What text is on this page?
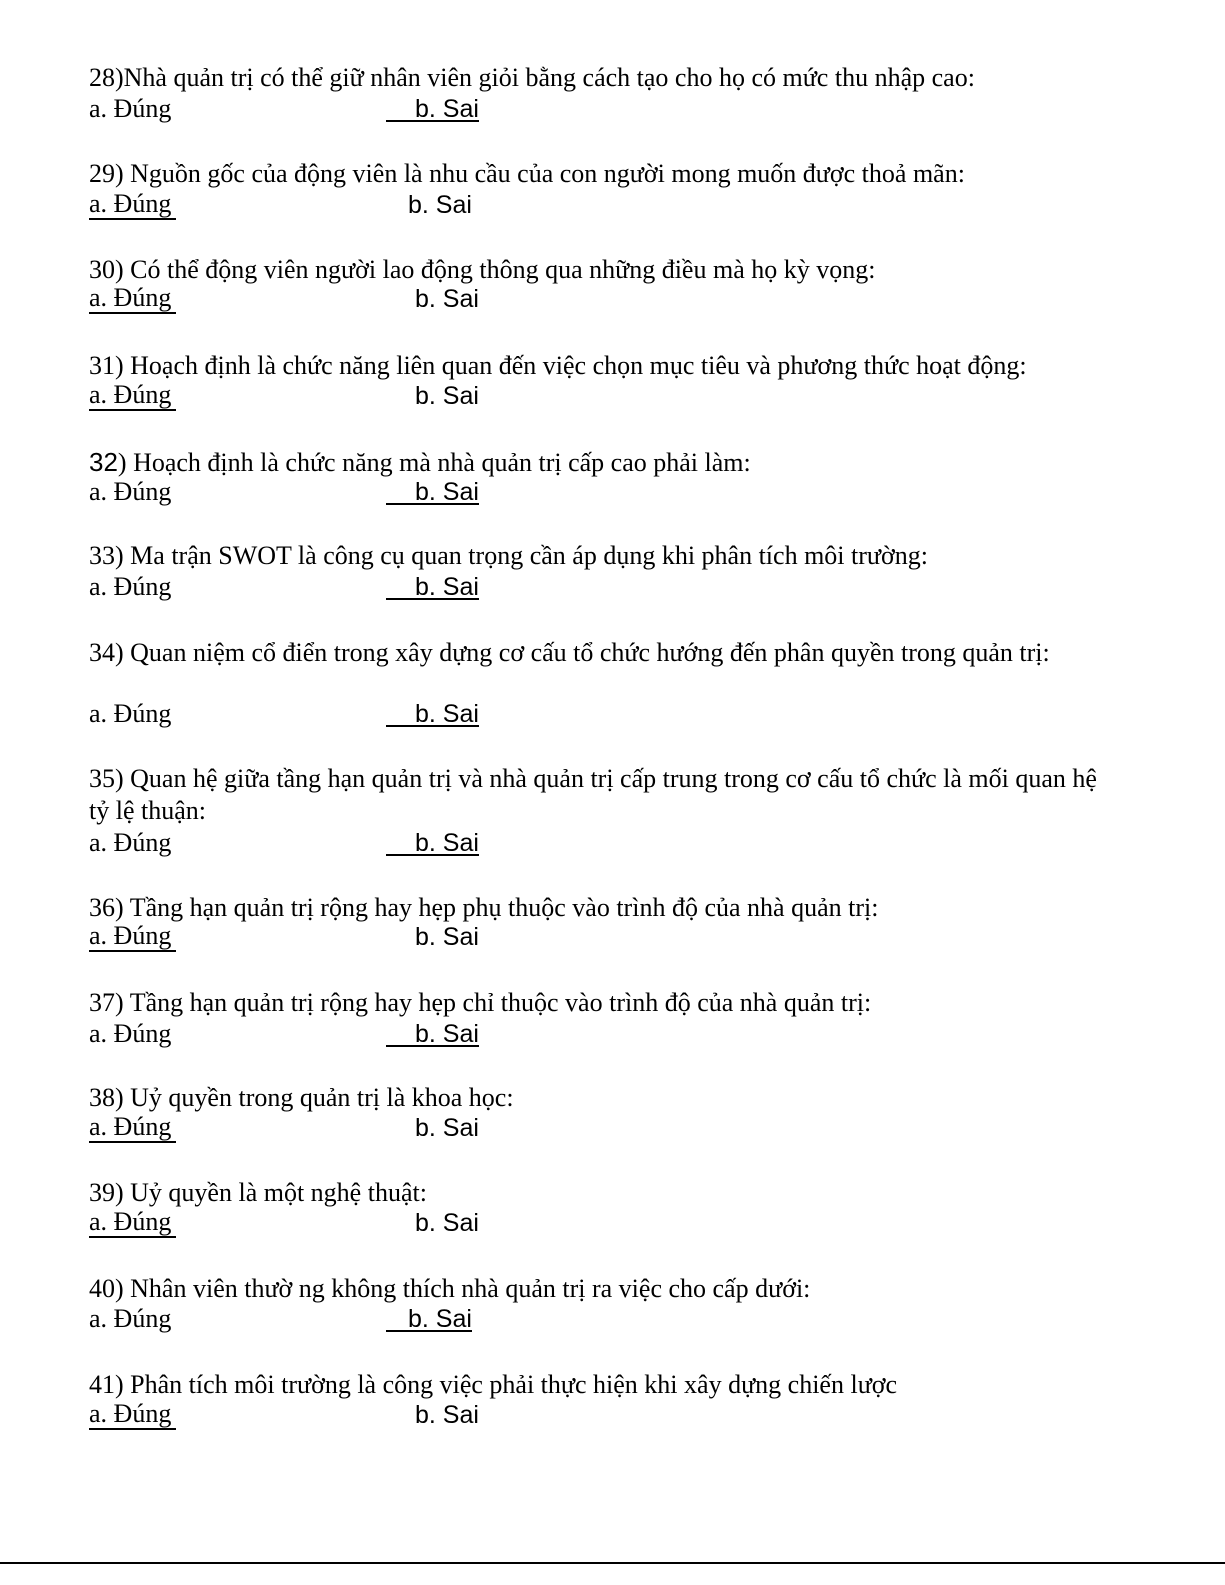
28)Nhà quản trị có thể giữ nhân viên giỏi bằng cách tạo cho họ có mức thu nhập cao:
a. Đúng	b. Sai
29) Nguồn gốc của động viên là nhu cầu của con người mong muốn được thoả mãn:
a. Đúng	b. Sai
30) Có thể động viên người lao động thông qua những điều mà họ kỳ vọng:
a. Đúng	b. Sai
31) Hoạch định là chức năng liên quan đến việc chọn mục tiêu và phương thức hoạt động:
a. Đúng	b. Sai
32) Hoạch định là chức năng mà nhà quản trị cấp cao phải làm:
a. Đúng	b. Sai
33) Ma trận SWOT là công cụ quan trọng cần áp dụng khi phân tích môi trường:
a. Đúng	b. Sai
34) Quan niệm cổ điển trong xây dựng cơ cấu tổ chức hướng đến phân quyền trong quản trị:
a. Đúng	b. Sai
35) Quan hệ giữa tầng hạn quản trị và nhà quản trị cấp trung trong cơ cấu tổ chức là mối quan hệ tỷ lệ thuận:
a. Đúng	b. Sai
36) Tầng hạn quản trị rộng hay hẹp phụ thuộc vào trình độ của nhà quản trị:
a. Đúng	b. Sai
37) Tầng hạn quản trị rộng hay hẹp chỉ thuộc vào trình độ của nhà quản trị:
a. Đúng	b. Sai
38) Uỷ quyền trong quản trị là khoa học:
a. Đúng	b. Sai
39) Uỷ quyền là một nghệ thuật:
a. Đúng	b. Sai
40) Nhân viên thườ ng không thích nhà quản trị ra việc cho cấp dưới:
a. Đúng	b. Sai
41) Phân tích môi trường là công việc phải thực hiện khi xây dựng chiến lược
a. Đúng	b. Sai
